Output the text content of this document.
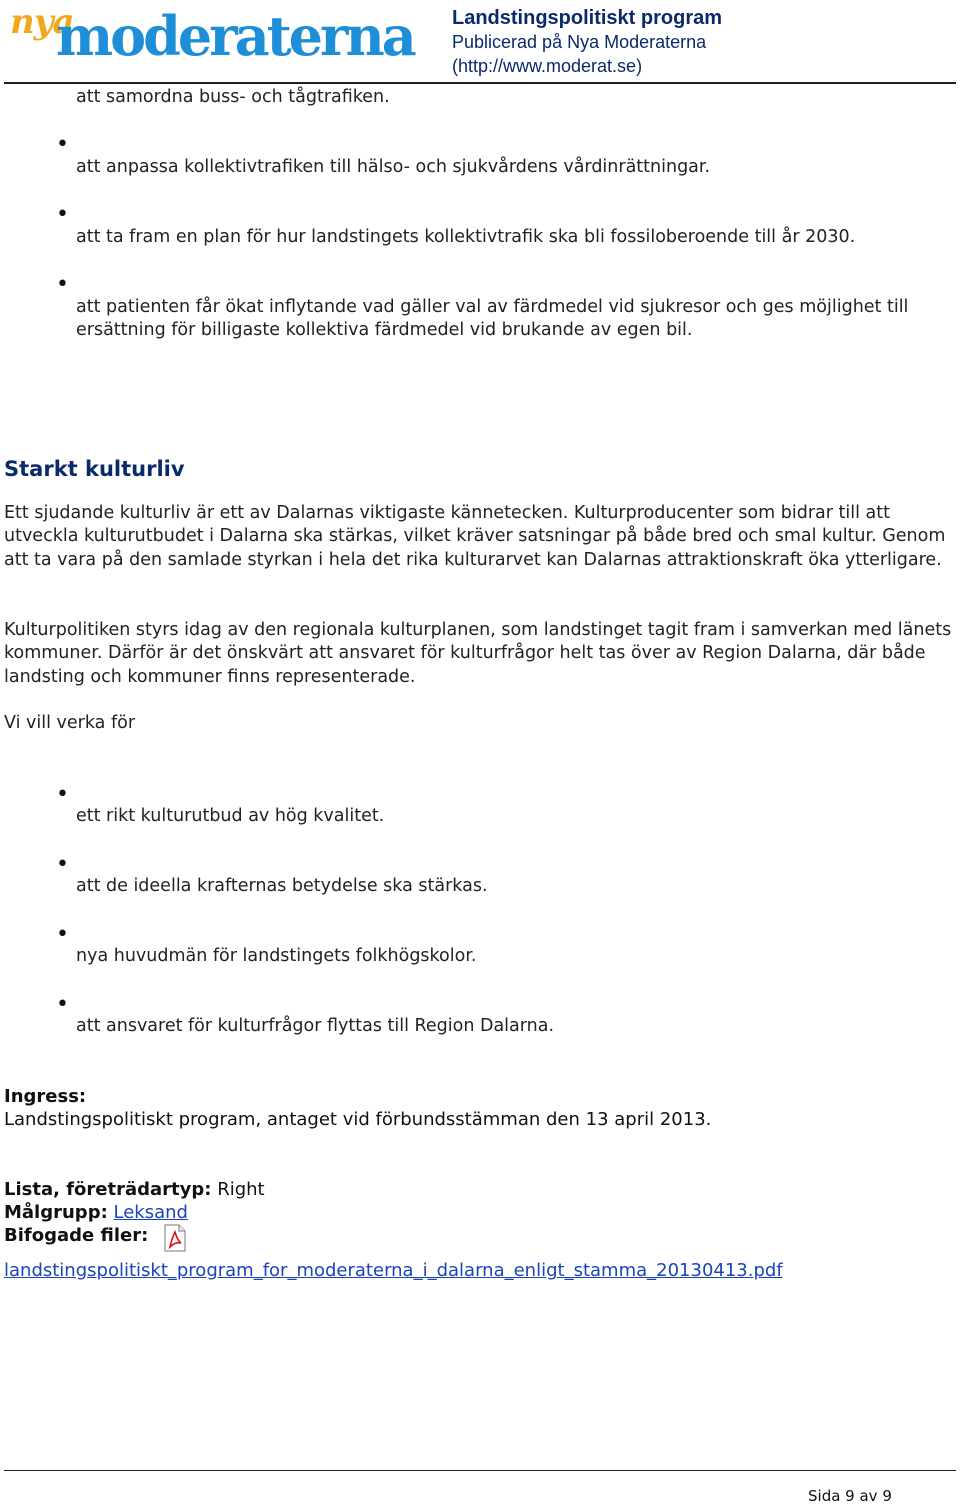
nya
moderaterna Landstingspolitiskt program
Publicerad på Nya Moderaterna
(http://www.moderat.se)
att samordna buss- och tågtrafiken.
•
att anpassa kollektivtrafiken till hälso- och sjukvårdens vårdinrättningar.
•
att ta fram en plan för hur landstingets kollektivtrafik ska bli fossiloberoende till år 2030.
•
att patienten får ökat inflytande vad gäller val av färdmedel vid sjukresor och ges möjlighet till ersättning för billigaste kollektiva färdmedel vid brukande av egen bil.
Starkt kulturliv
Ett sjudande kulturliv är ett av Dalarnas viktigaste kännetecken. Kulturproducenter som bidrar till att utveckla kulturutbudet i Dalarna ska stärkas, vilket kräver satsningar på både bred och smal kultur. Genom att ta vara på den samlade styrkan i hela det rika kulturarvet kan Dalarnas attraktionskraft öka ytterligare.
Kulturpolitiken styrs idag av den regionala kulturplanen, som landstinget tagit fram i samverkan med länets kommuner. Därför är det önskvärt att ansvaret för kulturfrågor helt tas över av Region Dalarna, där både landsting och kommuner finns representerade.
Vi vill verka för
•
ett rikt kulturutbud av hög kvalitet.
•
att de ideella krafternas betydelse ska stärkas.
•
nya huvudmän för landstingets folkhögskolor.
•
att ansvaret för kulturfrågor flyttas till Region Dalarna.
Ingress:
Landstingspolitiskt program, antaget vid förbundsstämman den 13 april 2013.
Lista, företrädartyp: Right
Målgrupp: Leksand
Bifogade filer:
landstingspolitiskt_program_for_moderaterna_i_dalarna_enligt_stamma_20130413.pdf
Sida 9 av 9
